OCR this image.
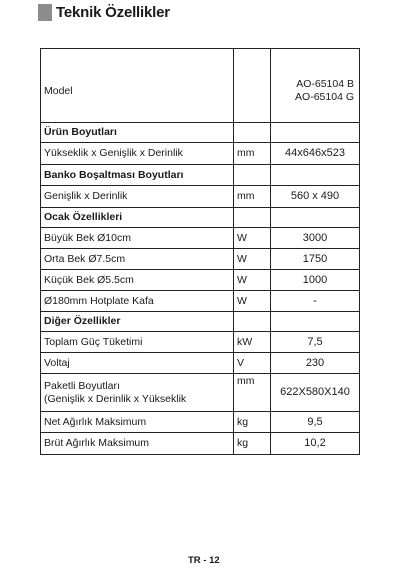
Teknik Özellikler
Model		AO-65104 B
AO-65104 G

Ürün Boyutları		
Yükseklik x Genişlik x Derinlik	mm	44x646x523
Banko Boşaltması Boyutları		
Genişlik x Derinlik	mm	560 x 490
Ocak Özellikleri		
Büyük Bek Ø10cm	W	3000
Orta Bek Ø7.5cm	W	1750
Küçük Bek Ø5.5cm	W	1000
Ø180mm Hotplate Kafa	W	-
Diğer Özellikler		
Toplam Güç Tüketimi	kW	7,5
Voltaj	V	230

Paketli Boyutları
(Genişlik x Derinlik x Yükseklik	mm	622X580X140
Net Ağırlık Maksimum	kg	9,5
Brüt Ağırlık Maksimum	kg	10,2
TR - 12
